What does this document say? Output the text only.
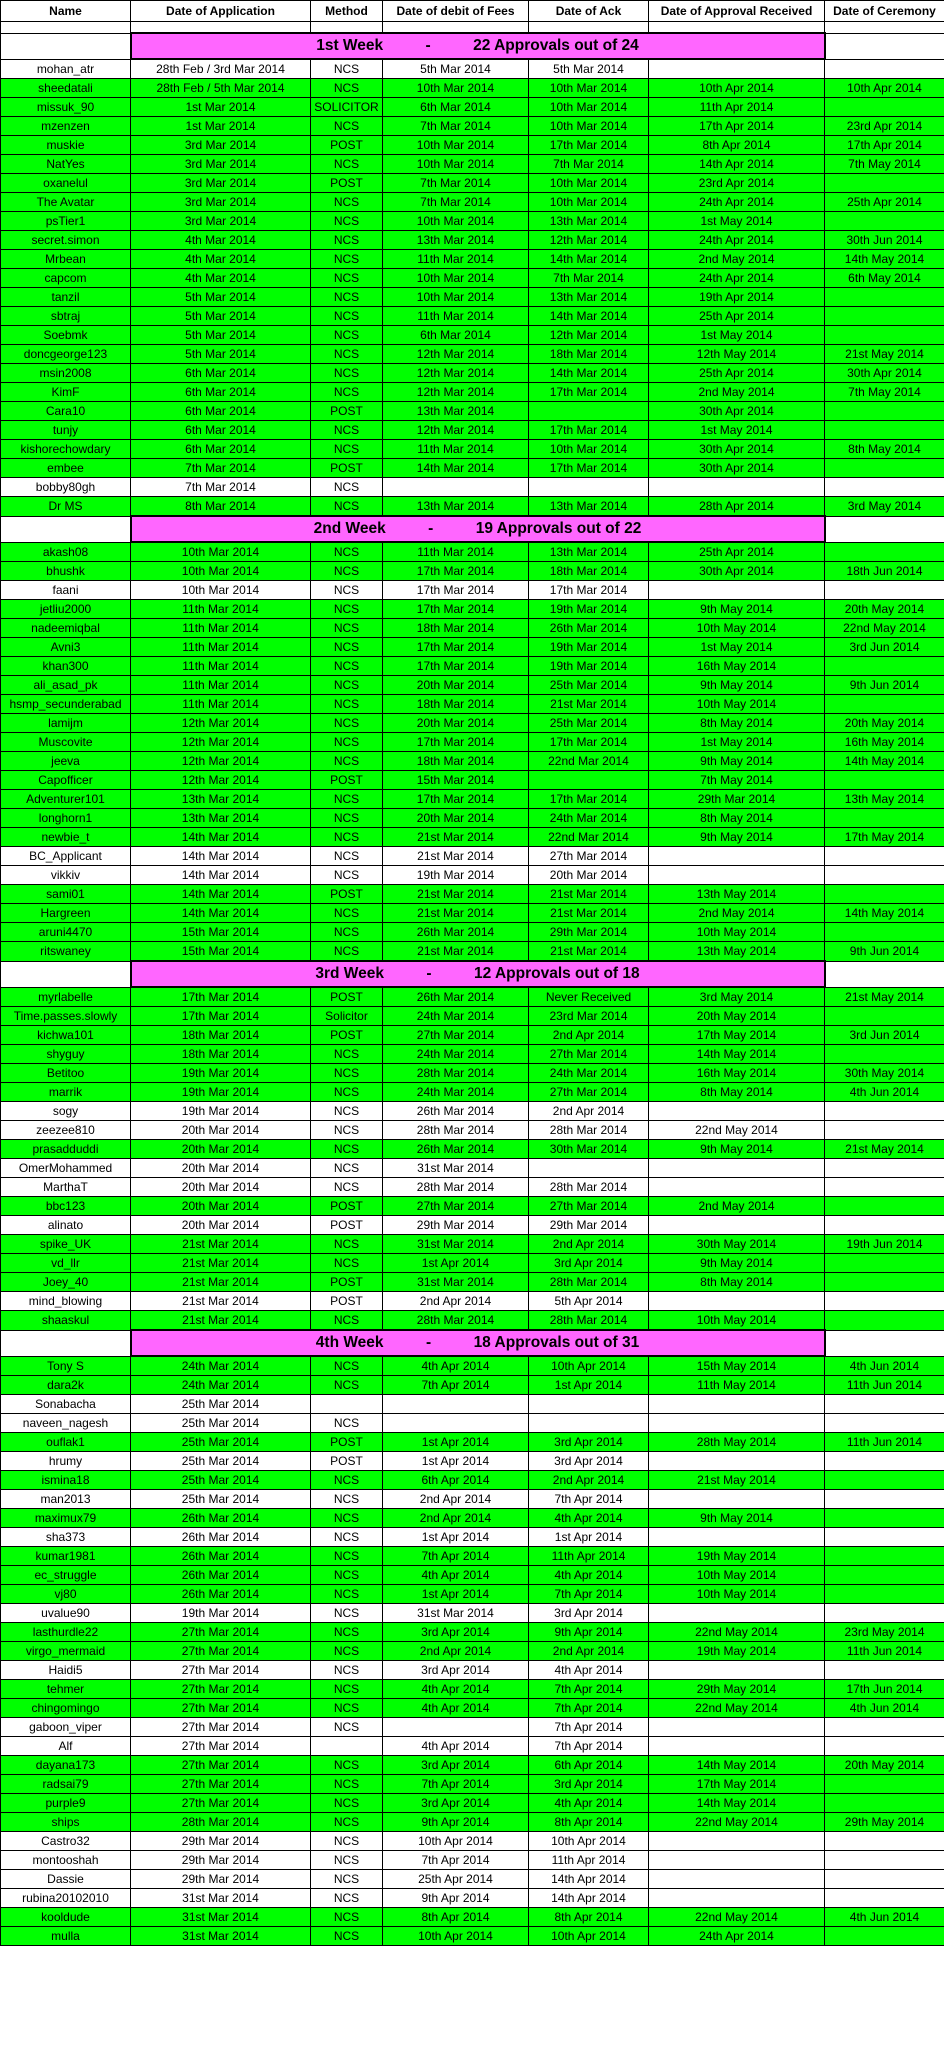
Name	Date of Application	Method	Date of debit of Fees	Date of Ack	Date of Approval Received	Date of Ceremony

	1st Week - 22 Approvals out of 24					
mohan_atr	28th Feb / 3rd Mar 2014	NCS	5th Mar 2014	5th Mar 2014		
sheedatali	28th Feb / 5th Mar 2014	NCS	10th Mar 2014	10th Mar 2014	10th Apr 2014	10th Apr 2014
missuk_90	1st Mar 2014	SOLICITOR	6th Mar 2014	10th Mar 2014	11th Apr 2014	
mzenzen	1st Mar 2014	NCS	7th Mar 2014	10th Mar 2014	17th Apr 2014	23rd Apr 2014
muskie	3rd Mar 2014	POST	10th Mar 2014	17th Mar 2014	8th Apr 2014	17th Apr 2014
NatYes	3rd Mar 2014	NCS	10th Mar 2014	7th Mar 2014	14th Apr 2014	7th May 2014
oxanelul	3rd Mar 2014	POST	7th Mar 2014	10th Mar 2014	23rd Apr 2014	
The Avatar	3rd Mar 2014	NCS	7th Mar 2014	10th Mar 2014	24th Apr 2014	25th Apr 2014
psTier1	3rd Mar 2014	NCS	10th Mar 2014	13th Mar 2014	1st May 2014	
secret.simon	4th Mar 2014	NCS	13th Mar 2014	12th Mar 2014	24th Apr 2014	30th Jun 2014
Mrbean	4th Mar 2014	NCS	11th Mar 2014	14th Mar 2014	2nd May 2014	14th May 2014
capcom	4th Mar 2014	NCS	10th Mar 2014	7th Mar 2014	24th Apr 2014	6th May 2014
tanzil	5th Mar 2014	NCS	10th Mar 2014	13th Mar 2014	19th Apr 2014	
sbtraj	5th Mar 2014	NCS	11th Mar 2014	14th Mar 2014	25th Apr 2014	
Soebmk	5th Mar 2014	NCS	6th Mar 2014	12th Mar 2014	1st May 2014	
doncgeorge123	5th Mar 2014	NCS	12th Mar 2014	18th Mar 2014	12th May 2014	21st May 2014
msin2008	6th Mar 2014	NCS	12th Mar 2014	14th Mar 2014	25th Apr 2014	30th Apr 2014
KimF	6th Mar 2014	NCS	12th Mar 2014	17th Mar 2014	2nd May 2014	7th May 2014
Cara10	6th Mar 2014	POST	13th Mar 2014		30th Apr 2014	
tunjy	6th Mar 2014	NCS	12th Mar 2014	17th Mar 2014	1st May 2014	
kishorechowdary	6th Mar 2014	NCS	11th Mar 2014	10th Mar 2014	30th Apr 2014	8th May 2014
embee	7th Mar 2014	POST	14th Mar 2014	17th Mar 2014	30th Apr 2014	
bobby80gh	7th Mar 2014	NCS				
Dr MS	8th Mar 2014	NCS	13th Mar 2014	13th Mar 2014	28th Apr 2014	3rd May 2014
	2nd Week - 19 Approvals out of 22					
akash08	10th Mar 2014	NCS	11th Mar 2014	13th Mar 2014	25th Apr 2014	
bhushk	10th Mar 2014	NCS	17th Mar 2014	18th Mar 2014	30th Apr 2014	18th Jun 2014
faani	10th Mar 2014	NCS	17th Mar 2014	17th Mar 2014		
jetliu2000	11th Mar 2014	NCS	17th Mar 2014	19th Mar 2014	9th May 2014	20th May 2014
nadeemiqbal	11th Mar 2014	NCS	18th Mar 2014	26th Mar 2014	10th May 2014	22nd May 2014
Avni3	11th Mar 2014	NCS	17th Mar 2014	19th Mar 2014	1st May 2014	3rd Jun 2014
khan300	11th Mar 2014	NCS	17th Mar 2014	19th Mar 2014	16th May 2014	
ali_asad_pk	11th Mar 2014	NCS	20th Mar 2014	25th Mar 2014	9th May 2014	9th Jun 2014
hsmp_secunderabad	11th Mar 2014	NCS	18th Mar 2014	21st Mar 2014	10th May 2014	
lamijm	12th Mar 2014	NCS	20th Mar 2014	25th Mar 2014	8th May 2014	20th May 2014
Muscovite	12th Mar 2014	NCS	17th Mar 2014	17th Mar 2014	1st May 2014	16th May 2014
jeeva	12th Mar 2014	NCS	18th Mar 2014	22nd Mar 2014	9th May 2014	14th May 2014
Capofficer	12th Mar 2014	POST	15th Mar 2014		7th May 2014	
Adventurer101	13th Mar 2014	NCS	17th Mar 2014	17th Mar 2014	29th Mar 2014	13th May 2014
longhorn1	13th Mar 2014	NCS	20th Mar 2014	24th Mar 2014	8th May 2014	
newbie_t	14th Mar 2014	NCS	21st Mar 2014	22nd Mar 2014	9th May 2014	17th May 2014
BC_Applicant	14th Mar 2014	NCS	21st Mar 2014	27th Mar 2014		
vikkiv	14th Mar 2014	NCS	19th Mar 2014	20th Mar 2014		
sami01	14th Mar 2014	POST	21st Mar 2014	21st Mar 2014	13th May 2014	
Hargreen	14th Mar 2014	NCS	21st Mar 2014	21st Mar 2014	2nd May 2014	14th May 2014
aruni4470	15th Mar 2014	NCS	26th Mar 2014	29th Mar 2014	10th May 2014	
ritswaney	15th Mar 2014	NCS	21st Mar 2014	21st Mar 2014	13th May 2014	9th Jun 2014
	3rd Week - 12 Approvals out of 18					
myrlabelle	17th Mar 2014	POST	26th Mar 2014	Never Received	3rd May 2014	21st May 2014
Time.passes.slowly	17th Mar 2014	Solicitor	24th Mar 2014	23rd Mar 2014	20th May 2014	
kichwa101	18th Mar 2014	POST	27th Mar 2014	2nd Apr 2014	17th May 2014	3rd Jun 2014
shyguy	18th Mar 2014	NCS	24th Mar 2014	27th Mar 2014	14th May 2014	
Betitoo	19th Mar 2014	NCS	28th Mar 2014	24th Mar 2014	16th May 2014	30th May 2014
marrik	19th Mar 2014	NCS	24th Mar 2014	27th Mar 2014	8th May 2014	4th Jun 2014
sogy	19th Mar 2014	NCS	26th Mar 2014	2nd Apr 2014		
zeezee810	20th Mar 2014	NCS	28th Mar 2014	28th Mar 2014	22nd May 2014	
prasadduddi	20th Mar 2014	NCS	26th Mar 2014	30th Mar 2014	9th May 2014	21st May 2014
OmerMohammed	20th Mar 2014	NCS	31st Mar 2014			
MarthaT	20th Mar 2014	NCS	28th Mar 2014	28th Mar 2014		
bbc123	20th Mar 2014	POST	27th Mar 2014	27th Mar 2014	2nd May 2014	
alinato	20th Mar 2014	POST	29th Mar 2014	29th Mar 2014		
spike_UK	21st Mar 2014	NCS	31st Mar 2014	2nd Apr 2014	30th May 2014	19th Jun 2014
vd_llr	21st Mar 2014	NCS	1st Apr 2014	3rd Apr 2014	9th May 2014	
Joey_40	21st Mar 2014	POST	31st Mar 2014	28th Mar 2014	8th May 2014	
mind_blowing	21st Mar 2014	POST	2nd Apr 2014	5th Apr 2014		
shaaskul	21st Mar 2014	NCS	28th Mar 2014	28th Mar 2014	10th May 2014	
	4th Week - 18 Approvals out of 31					
Tony S	24th Mar 2014	NCS	4th Apr 2014	10th Apr 2014	15th May 2014	4th Jun 2014
dara2k	24th Mar 2014	NCS	7th Apr 2014	1st Apr 2014	11th May 2014	11th Jun 2014
Sonabacha	25th Mar 2014					
naveen_nagesh	25th Mar 2014	NCS				
ouflak1	25th Mar 2014	POST	1st Apr 2014	3rd Apr 2014	28th May 2014	11th Jun 2014
hrumy	25th Mar 2014	POST	1st Apr 2014	3rd Apr 2014		
ismina18	25th Mar 2014	NCS	6th Apr 2014	2nd Apr 2014	21st May 2014	
man2013	25th Mar 2014	NCS	2nd Apr 2014	7th Apr 2014		
maximux79	26th Mar 2014	NCS	2nd Apr 2014	4th Apr 2014	9th May 2014	
sha373	26th Mar 2014	NCS	1st Apr 2014	1st Apr 2014		
kumar1981	26th Mar 2014	NCS	7th Apr 2014	11th Apr 2014	19th May 2014	
ec_struggle	26th Mar 2014	NCS	4th Apr 2014	4th Apr 2014	10th May 2014	
vj80	26th Mar 2014	NCS	1st Apr 2014	7th Apr 2014	10th May 2014	
uvalue90	19th Mar 2014	NCS	31st Mar 2014	3rd Apr 2014		
lasthurdle22	27th Mar 2014	NCS	3rd Apr 2014	9th Apr 2014	22nd May 2014	23rd May 2014
virgo_mermaid	27th Mar 2014	NCS	2nd Apr 2014	2nd Apr 2014	19th May 2014	11th Jun 2014
Haidi5	27th Mar 2014	NCS	3rd Apr 2014	4th Apr 2014		
tehmer	27th Mar 2014	NCS	4th Apr 2014	7th Apr 2014	29th May 2014	17th Jun 2014
chingomingo	27th Mar 2014	NCS	4th Apr 2014	7th Apr 2014	22nd May 2014	4th Jun 2014
gaboon_viper	27th Mar 2014	NCS		7th Apr 2014		
Alf	27th Mar 2014		4th Apr 2014	7th Apr 2014		
dayana173	27th Mar 2014	NCS	3rd Apr 2014	6th Apr 2014	14th May 2014	20th May 2014
radsai79	27th Mar 2014	NCS	7th Apr 2014	3rd Apr 2014	17th May 2014	
purple9	27th Mar 2014	NCS	3rd Apr 2014	4th Apr 2014	14th May 2014	
ships	28th Mar 2014	NCS	9th Apr 2014	8th Apr 2014	22nd May 2014	29th May 2014
Castro32	29th Mar 2014	NCS	10th Apr 2014	10th Apr 2014		
montooshah	29th Mar 2014	NCS	7th Apr 2014	11th Apr 2014		
Dassie	29th Mar 2014	NCS	25th Apr 2014	14th Apr 2014		
rubina20102010	31st Mar 2014	NCS	9th Apr 2014	14th Apr 2014		
kooldude	31st Mar 2014	NCS	8th Apr 2014	8th Apr 2014	22nd May 2014	4th Jun 2014
mulla	31st Mar 2014	NCS	10th Apr 2014	10th Apr 2014	24th Apr 2014	
